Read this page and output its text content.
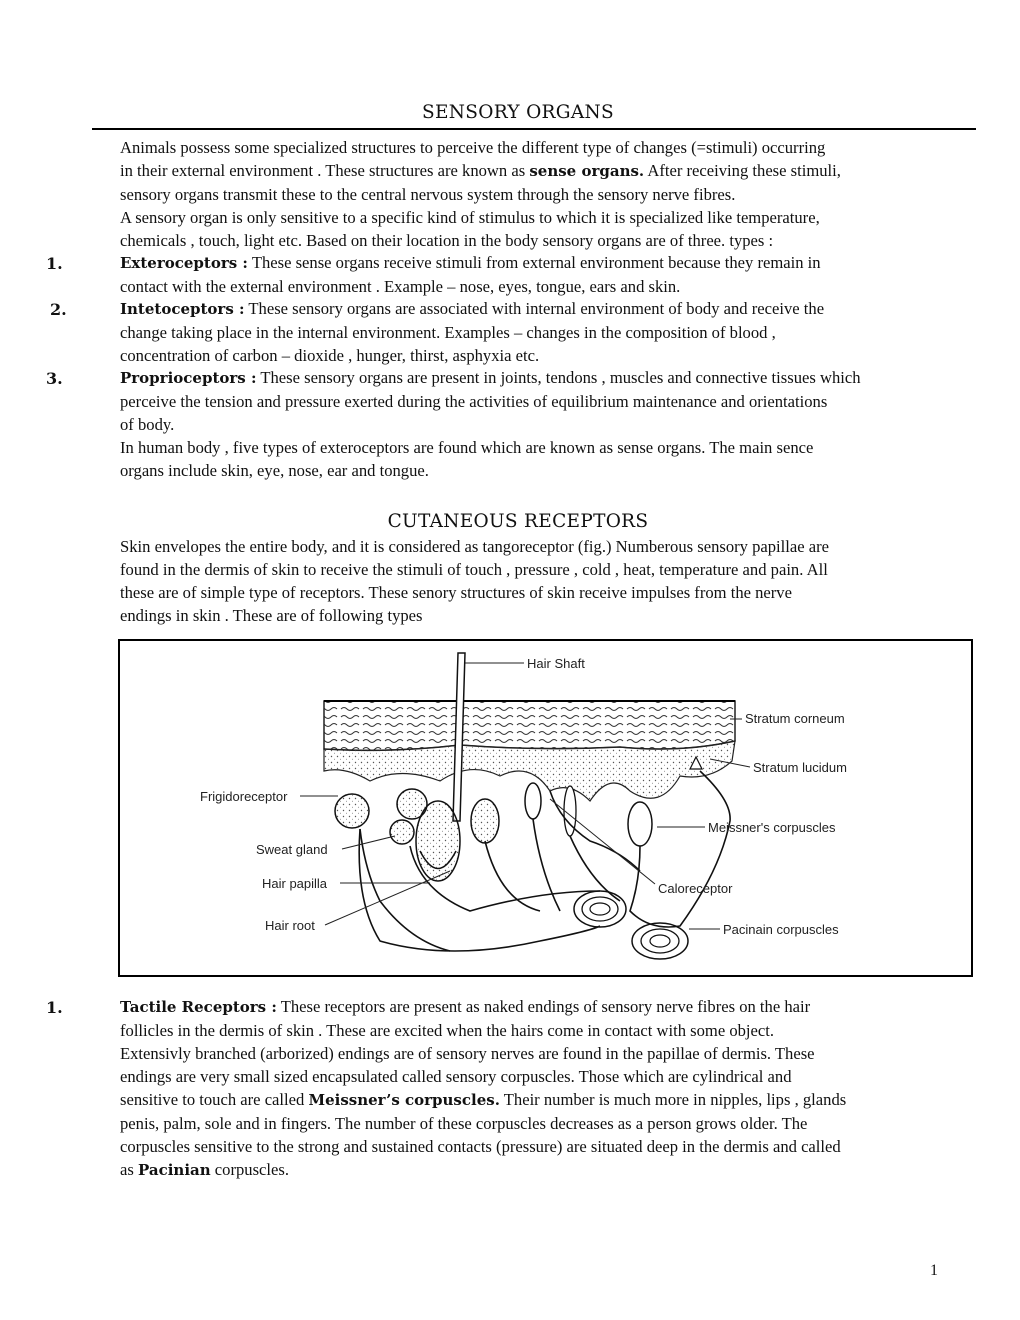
SENSORY ORGANS

Animals possess some specialized structures to perceive the different type of changes (=stimuli) occurring
in their external environment . These structures are known as sense organs. After receiving these stimuli,
sensory organs transmit these to the central nervous system through the sensory nerve fibres.
A sensory organ is only sensitive to a specific kind of stimulus to which it is specialized like temperature,
chemicals , touch, light etc. Based on their location in the body sensory organs are of three. types :

1.	Exteroceptors : These sense organs receive stimuli from external environment because they remain in
contact with the external environment . Example – nose, eyes, tongue, ears and skin.

2.	Intetoceptors : These sensory organs are associated with internal environment of body and receive the
change taking place in the internal environment. Examples – changes in the composition of blood ,
concentration of carbon – dioxide , hunger, thirst, asphyxia etc.

3.	Proprioceptors : These sensory organs are present in joints, tendons , muscles and connective tissues which
perceive the tension and pressure exerted during the activities of equilibrium maintenance and orientations
of body.
In human body , five types of exteroceptors are found which are known as sense organs. The main sence
organs include skin, eye, nose, ear and tongue.

CUTANEOUS RECEPTORS

Skin envelopes the entire body, and it is considered as tangoreceptor (fig.) Numberous sensory papillae are
found in the dermis of skin to receive the stimuli of touch , pressure , cold , heat, temperature and pain. All
these are of simple type of receptors. These senory structures of skin receive impulses from the nerve
endings in skin . These are of following types

Hair Shaft
Stratum corneum
Stratum lucidum
Frigidoreceptor
Meissner's corpuscles
Sweat gland
Hair papilla	Caloreceptor
Hair root	Pacinain corpuscles
1.	Tactile Receptors : These receptors are present as naked endings of sensory nerve fibres on the hair
follicles in the dermis of skin . These are excited when the hairs come in contact with some object.
Extensivly branched (arborized) endings are of sensory nerves are found in the papillae of dermis. These
endings are very small sized encapsulated called sensory corpuscles. Those which are cylindrical and
sensitive to touch are called Meissner’s corpuscles. Their number is much more in nipples, lips , glands
penis, palm, sole and in fingers. The number of these corpuscles decreases as a person grows older. The
corpuscles sensitive to the strong and sustained contacts (pressure) are situated deep in the dermis and called
as Pacinian corpuscles.

1
